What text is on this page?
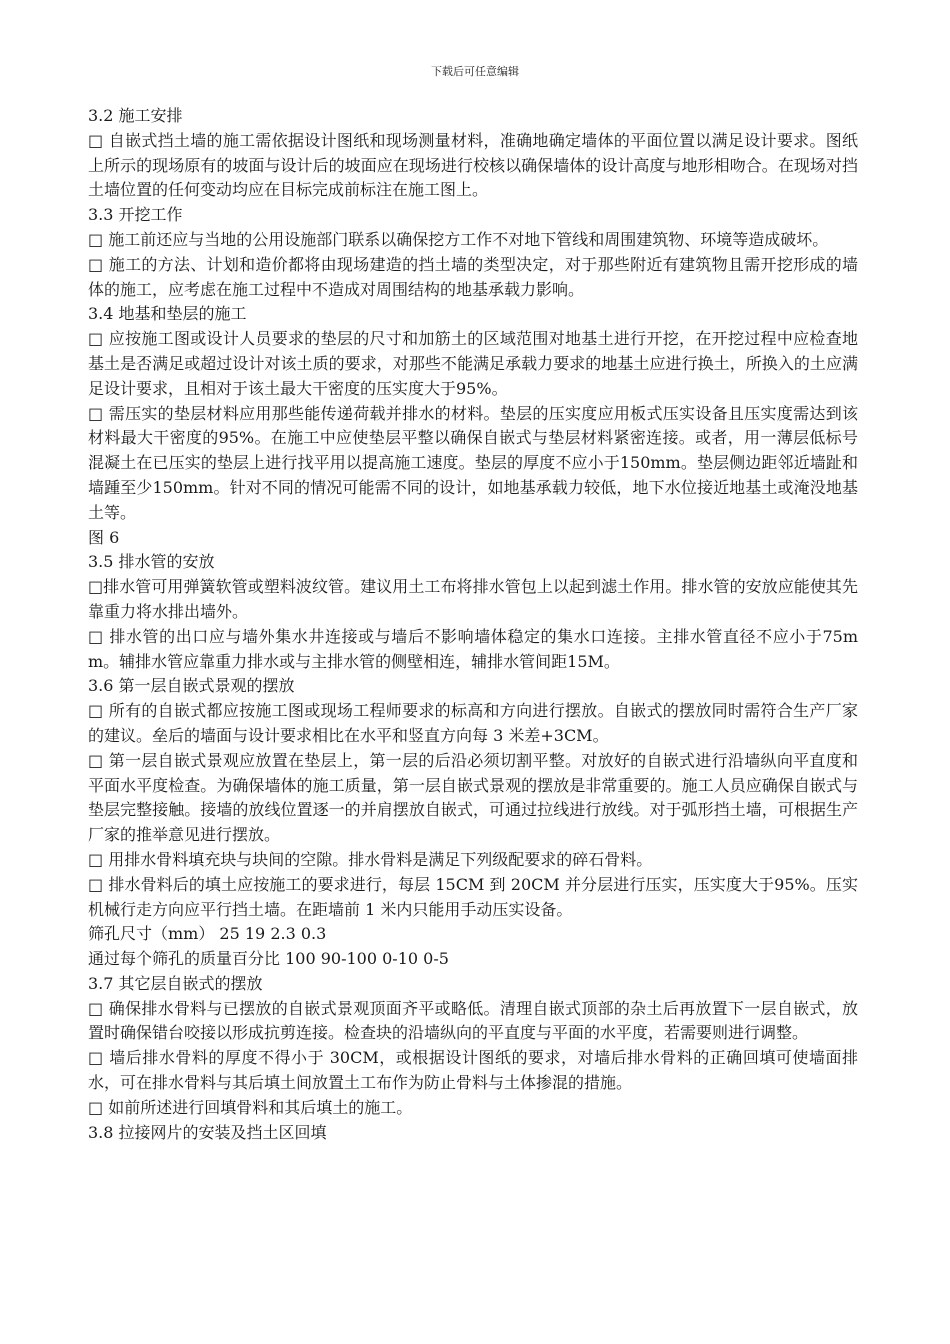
下载后可任意编辑

3.2 施工安排

□ 自嵌式挡土墙的施工需依据设计图纸和现场测量材料，准确地确定墙体的平面位置以满足设计要求。图纸上所示的现场原有的坡面与设计后的坡面应在现场进行校核以确保墙体的设计高度与地形相吻合。在现场对挡土墙位置的任何变动均应在目标完成前标注在施工图上。

3.3 开挖工作

□ 施工前还应与当地的公用设施部门联系以确保挖方工作不对地下管线和周围建筑物、环境等造成破坏。

□ 施工的方法、计划和造价都将由现场建造的挡土墙的类型决定，对于那些附近有建筑物且需开挖形成的墙体的施工，应考虑在施工过程中不造成对周围结构的地基承载力影响。

3.4 地基和垫层的施工

□ 应按施工图或设计人员要求的垫层的尺寸和加筋土的区域范围对地基土进行开挖，在开挖过程中应检查地基土是否满足或超过设计对该土质的要求，对那些不能满足承载力要求的地基土应进行换土，所换入的土应满足设计要求，且相对于该土最大干密度的压实度大于95%。

□ 需压实的垫层材料应用那些能传递荷载并排水的材料。垫层的压实度应用板式压实设备且压实度需达到该材料最大干密度的95%。在施工中应使垫层平整以确保自嵌式与垫层材料紧密连接。或者，用一薄层低标号混凝土在已压实的垫层上进行找平用以提高施工速度。垫层的厚度不应小于150mm。垫层侧边距邻近墙趾和墙踵至少150mm。针对不同的情况可能需不同的设计，如地基承载力较低，地下水位接近地基土或淹没地基土等。

图 6

3.5 排水管的安放

□排水管可用弹簧软管或塑料波纹管。建议用土工布将排水管包上以起到滤土作用。排水管的安放应能使其先靠重力将水排出墙外。

□ 排水管的出口应与墙外集水井连接或与墙后不影响墙体稳定的集水口连接。主排水管直径不应小于75mm。辅排水管应靠重力排水或与主排水管的侧壁相连，辅排水管间距15M。

3.6 第一层自嵌式景观的摆放

□ 所有的自嵌式都应按施工图或现场工程师要求的标高和方向进行摆放。自嵌式的摆放同时需符合生产厂家的建议。垒后的墙面与设计要求相比在水平和竖直方向每 3 米差+3CM。

□ 第一层自嵌式景观应放置在垫层上，第一层的后沿必须切割平整。对放好的自嵌式进行沿墙纵向平直度和平面水平度检查。为确保墙体的施工质量，第一层自嵌式景观的摆放是非常重要的。施工人员应确保自嵌式与垫层完整接触。接墙的放线位置逐一的并肩摆放自嵌式，可通过拉线进行放线。对于弧形挡土墙，可根据生产厂家的推举意见进行摆放。

□ 用排水骨料填充块与块间的空隙。排水骨料是满足下列级配要求的碎石骨料。

□ 排水骨料后的填土应按施工的要求进行，每层 15CM 到 20CM 并分层进行压实，压实度大于95%。压实机械行走方向应平行挡土墙。在距墙前 1 米内只能用手动压实设备。

筛孔尺寸（mm） 25 19 2.3 0.3

通过每个筛孔的质量百分比 100 90-100 0-10 0-5

3.7 其它层自嵌式的摆放

□ 确保排水骨料与已摆放的自嵌式景观顶面齐平或略低。清理自嵌式顶部的杂土后再放置下一层自嵌式，放置时确保错台咬接以形成抗剪连接。检查块的沿墙纵向的平直度与平面的水平度，若需要则进行调整。

□ 墙后排水骨料的厚度不得小于 30CM，或根据设计图纸的要求，对墙后排水骨料的正确回填可使墙面排水，可在排水骨料与其后填土间放置土工布作为防止骨料与土体掺混的措施。

□ 如前所述进行回填骨料和其后填土的施工。

3.8 拉接网片的安装及挡土区回填
